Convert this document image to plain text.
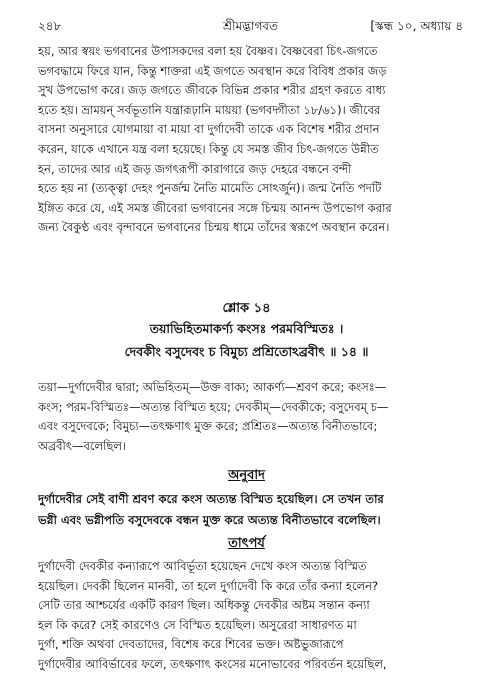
২৪৮	শ্রীমদ্ভাগবত	[স্কন্ধ ১০, অধ্যায় ৪
হয়, আর স্বয়ং ভগবানের উপাসকদের বলা হয় বৈষ্ণব। বৈষ্ণবেরা চিৎ-জগতে
ভগবদ্ধামে ফিরে যান, কিন্তু শাক্তরা এই জগতে অবস্থান করে বিবিধ প্রকার জড়
সুখ উপভোগ করে। জড় জগতে জীবকে বিভিন্ন প্রকার শরীর গ্রহণ করতে বাধ্য
হতে হয়। ভ্রাময়ন্ সর্বভূতানি যন্ত্রারূঢ়ানি মায়য়া (ভগবদ্গীতা ১৮/৬১)। জীবের
বাসনা অনুসারে যোগমায়া বা মায়া বা দুর্গাদেবী তাকে এক বিশেষ শরীর প্রদান
করেন, যাকে এখানে যন্ত্র বলা হয়েছে। কিন্তু যে সমস্ত জীব চিৎ-জগতে উন্নীত
হন, তাদের আর এই জড় জগৎরূপী কারাগারে জড় দেহরে বন্ধনে বন্দী
হতে হয় না (ত্যক্ত্বা দেহং পুনর্জন্ম নৈতি মামেতি সোঽর্জুন)। জন্ম নৈতি পদটি
ইঙ্গিত করে যে, এই সমস্ত জীবেরা ভগবানের সঙ্গে চিন্ময় আনন্দ উপভোগ করার
জন্য বৈকুণ্ঠ এবং বৃন্দাবনে ভগবানের চিন্ময় ধামে তাঁদের স্বরূপে অবস্থান করেন।
শ্লোক ১৪
তয়াভিহিতমাকর্ণ্য কংসঃ পরমবিস্মিতঃ ।
দেবকীং বসুদেবং চ বিমুচ্য প্রশ্রিতোঽব্রবীৎ ॥ ১৪ ॥
তয়া—দুর্গাদেবীর দ্বারা; অভিহিতম্—উক্ত বাক্য; আকর্ণ্য—শ্রবণ করে; কংসঃ—
কংস; পরম-বিস্মিতঃ—অত্যন্ত বিস্মিত হয়ে; দেবকীম্—দেবকীকে; বসুদেবম্ চ—
এবং বসুদেবকে; বিমুচ্য—তৎক্ষণাৎ মুক্ত করে; প্রশ্রিতঃ—অত্যন্ত বিনীতভাবে;
অব্রবীৎ—বলেছিল।
অনুবাদ
দুর্গাদেবীর সেই বাণী শ্রবণ করে কংস অত্যন্ত বিস্মিত হয়েছিল। সে তখন তার
ভগ্নী এবং ভগ্নীপতি বসুদেবকে বন্ধন মুক্ত করে অত্যন্ত বিনীতভাবে বলেছিল।
তাৎপর্য
দুর্গাদেবী দেবকীর কন্যারূপে আবির্ভূতা হয়েছেন দেখে কংস অত্যন্ত বিস্মিত
হয়েছিল। দেবকী ছিলেন মানবী, তা হলে দুর্গাদেবী কি করে তাঁর কন্যা হলেন?
সেটি তার আশ্চর্যের একটি কারণ ছিল। অধিকন্তু দেবকীর অষ্টম সন্তান কন্যা
হল কি করে? সেই কারণেও সে বিস্মিত হয়েছিল। অসুরেরা সাধারণত মা
দুর্গা, শক্তি অথবা দেবতাদের, বিশেষ করে শিবের ভক্ত। অষ্টভুজারূপে
দুর্গাদেবীর আবির্ভাবের ফলে, তৎক্ষণাৎ কংসের মনোভাবের পরিবর্তন হয়েছিল,
